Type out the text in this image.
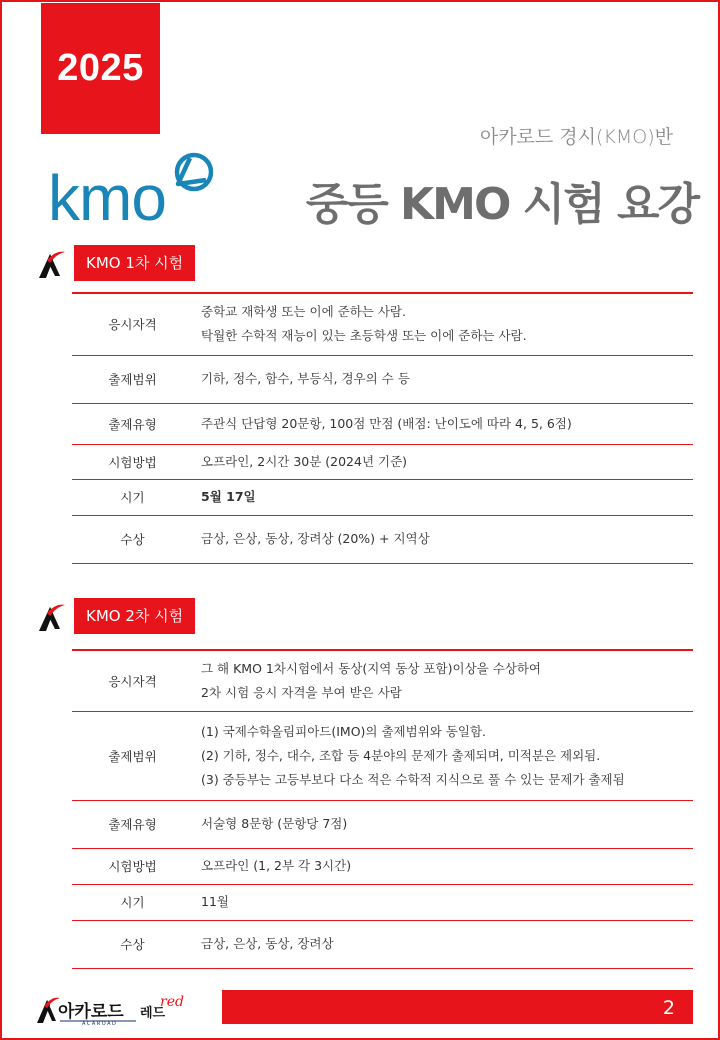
2025
아카로드 경시(KMO)반
kmo	중등 KMO 시험 요강
KMO 1차 시험
응시자격	중학교 재학생 또는 이에 준하는 사람.
탁월한 수학적 재능이 있는 초등학생 또는 이에 준하는 사람.

출제범위	기하, 정수, 함수, 부등식, 경우의 수 등
출제유형	주관식 단답형 20문항, 100점 만점 (배점: 난이도에 따라 4, 5, 6점)
시험방법	오프라인, 2시간 30분 (2024년 기준)
시기	5월 17일
수상	금상, 은상, 동상, 장려상 (20%) + 지역상
KMO 2차 시험
응시자격	그 해 KMO 1차시험에서 동상(지역 동상 포함)이상을 수상하여
2차 시험 응시 자격을 부여 받은 사람

출제범위	(1) 국제수학올림피아드(IMO)의 출제범위와 동일함.
(2) 기하, 정수, 대수, 조합 등 4분야의 문제가 출제되며, 미적분은 제외됨.
(3) 중등부는 고등부보다 다소 적은 수학적 지식으로 풀 수 있는 문제가 출제됨

출제유형	서술형 8문항 (문항당 7점)
시험방법	오프라인 (1, 2부 각 3시간)
시기	11월
수상	금상, 은상, 동상, 장려상
아카로드 레드
red
ACAROAD
2
